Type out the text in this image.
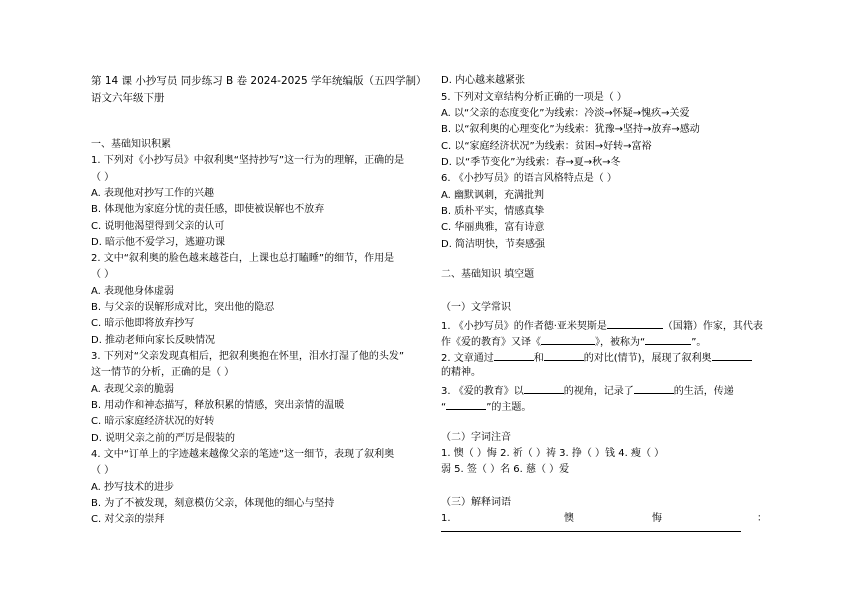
第 14 课 小抄写员 同步练习 B 卷 2024-2025 学年统编版（五四学制）
语文六年级下册
一、基础知识积累
1. 下列对《小抄写员》中叙利奥“坚持抄写”这一行为的理解，正确的是
（ ）
A. 表现他对抄写工作的兴趣
B. 体现他为家庭分忧的责任感，即使被误解也不放弃
C. 说明他渴望得到父亲的认可
D. 暗示他不爱学习，逃避功课
2. 文中“叙利奥的脸色越来越苍白，上课也总打瞌睡”的细节，作用是
（ ）
A. 表现他身体虚弱
B. 与父亲的误解形成对比，突出他的隐忍
C. 暗示他即将放弃抄写
D. 推动老师向家长反映情况
3. 下列对“父亲发现真相后，把叙利奥抱在怀里，泪水打湿了他的头发”
这一情节的分析，正确的是（ ）
A. 表现父亲的脆弱
B. 用动作和神态描写，释放积累的情感，突出亲情的温暖
C. 暗示家庭经济状况的好转
D. 说明父亲之前的严厉是假装的
4. 文中“订单上的字迹越来越像父亲的笔迹”这一细节，表现了叙利奥
（ ）
A. 抄写技术的进步
B. 为了不被发现，刻意模仿父亲，体现他的细心与坚持
C. 对父亲的崇拜
D. 内心越来越紧张
5. 下列对文章结构分析正确的一项是（ ）
A. 以“父亲的态度变化”为线索：冷淡→怀疑→愧疚→关爱
B. 以“叙利奥的心理变化”为线索：犹豫→坚持→放弃→感动
C. 以“家庭经济状况”为线索：贫困→好转→富裕
D. 以“季节变化”为线索：春→夏→秋→冬
6. 《小抄写员》的语言风格特点是（ ）
A. 幽默讽刺，充满批判
B. 质朴平实，情感真挚
C. 华丽典雅，富有诗意
D. 简洁明快，节奏感强
二、基础知识 填空题
（一）文学常识
1. 《小抄写员》的作者德·亚米契斯是	（国籍）作家，其代表
作《爱的教育》又译《	》，被称为“	”。
2. 文章通过	和	的对比(情节)，展现了叙利奥
的精神。
3. 《爱的教育》以	的视角，记录了	的生活，传递
“	”的主题。
（二）字词注音
1. 懊（ ）悔 2. 祈（ ）祷 3. 挣（ ）钱 4. 瘦（ ）
弱 5. 签（ ）名 6. 慈（ ）爱
（三）解释词语
1.	懊	悔	：
